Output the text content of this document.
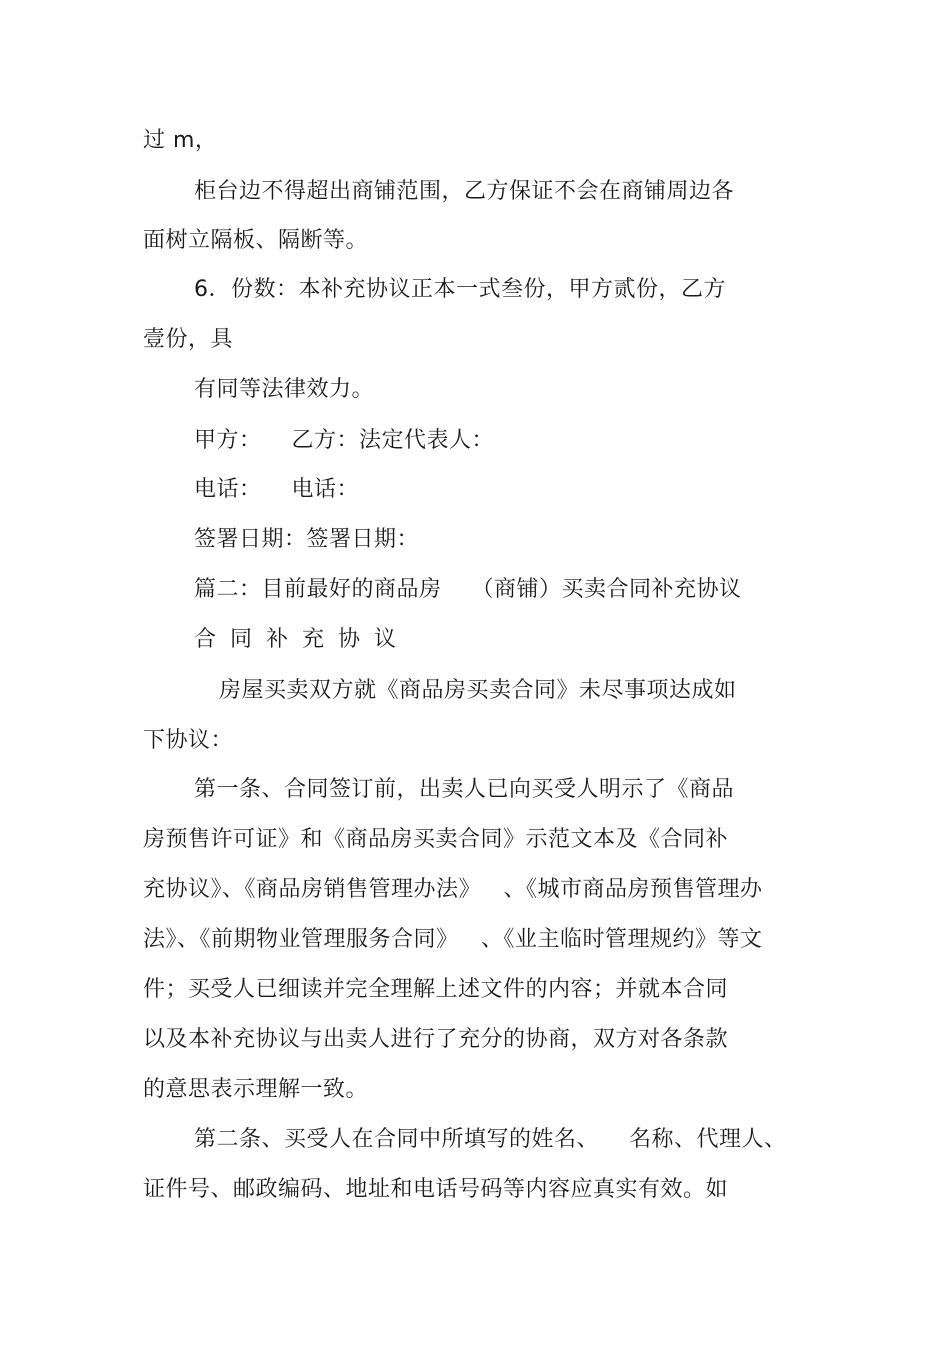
过 m，
柜台边不得超出商铺范围，乙方保证不会在商铺周边各
面树立隔板、隔断等。
6．份数：本补充协议正本一式叁份，甲方贰份，乙方
壹份，具
有同等法律效力。
甲方：    乙方：法定代表人：
电话：    电话：
签署日期：签署日期：
篇二：目前最好的商品房    （商铺）买卖合同补充协议
合同补充协议
房屋买卖双方就《商品房买卖合同》未尽事项达成如
下协议：
第一条、合同签订前，出卖人已向买受人明示了《商品
房预售许可证》和《商品房买卖合同》示范文本及《合同补
充协议》、《商品房销售管理办法》   、《城市商品房预售管理办
法》、《前期物业管理服务合同》   、《业主临时管理规约》等文
件；买受人已细读并完全理解上述文件的内容；并就本合同
以及本补充协议与出卖人进行了充分的协商，双方对各条款
的意思表示理解一致。
第二条、买受人在合同中所填写的姓名、    名称、代理人、
证件号、邮政编码、地址和电话号码等内容应真实有效。如
